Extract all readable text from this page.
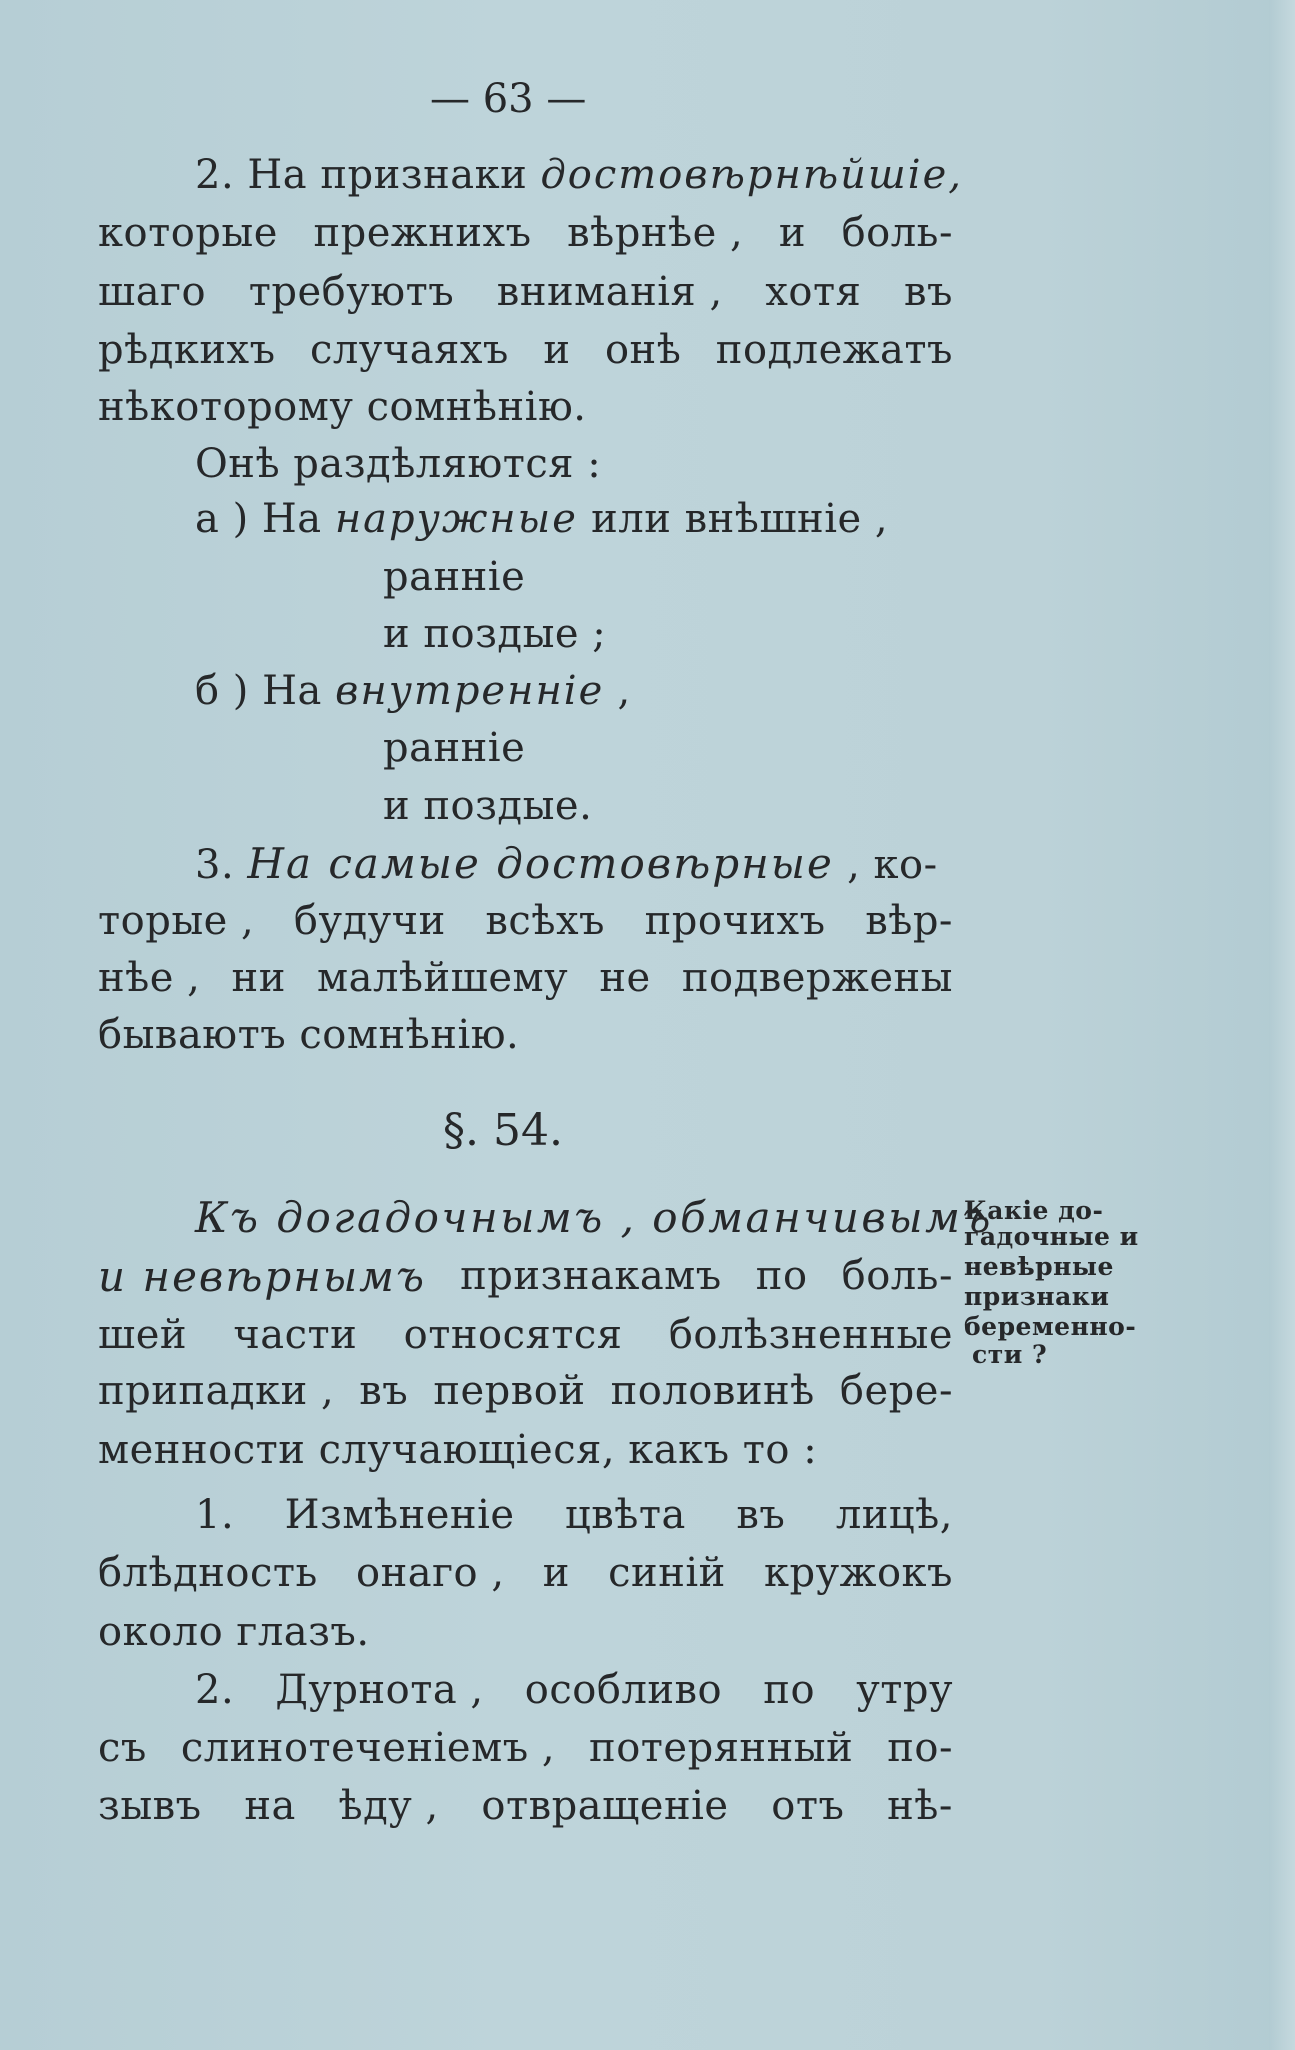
— 63 —
2. На признаки достовѣрнѣйшіе,
которые прежнихъ вѣрнѣе , и боль-
шаго требуютъ вниманія , хотя въ
рѣдкихъ случаяхъ и онѣ подлежатъ
нѣкоторому сомнѣнію.
Онѣ раздѣляются :
а ) На наружные или внѣшніе ,
ранніе
и поздые ;
б ) На внутренніе ,
ранніе
и поздые.
3. На самые достовѣрные , ко-
торые , будучи всѣхъ прочихъ вѣр-
нѣе , ни малѣйшему не подвержены
бываютъ сомнѣнію.
§. 54.
Къ догадочнымъ , обманчивымъ
и невѣрнымъ признакамъ по боль-
шей части относятся болѣзненные
припадки , въ первой половинѣ бере-
менности случающіеся, какъ то :
Какіе до-
гадочные и
невѣрные
признаки
беременно-
сти ?
1. Измѣненіе цвѣта въ лицѣ,
блѣдность онаго , и синій кружокъ
около глазъ.
2. Дурнота , особливо по утру
съ слинотеченіемъ , потерянный по-
зывъ на ѣду , отвращеніе отъ нѣ-
